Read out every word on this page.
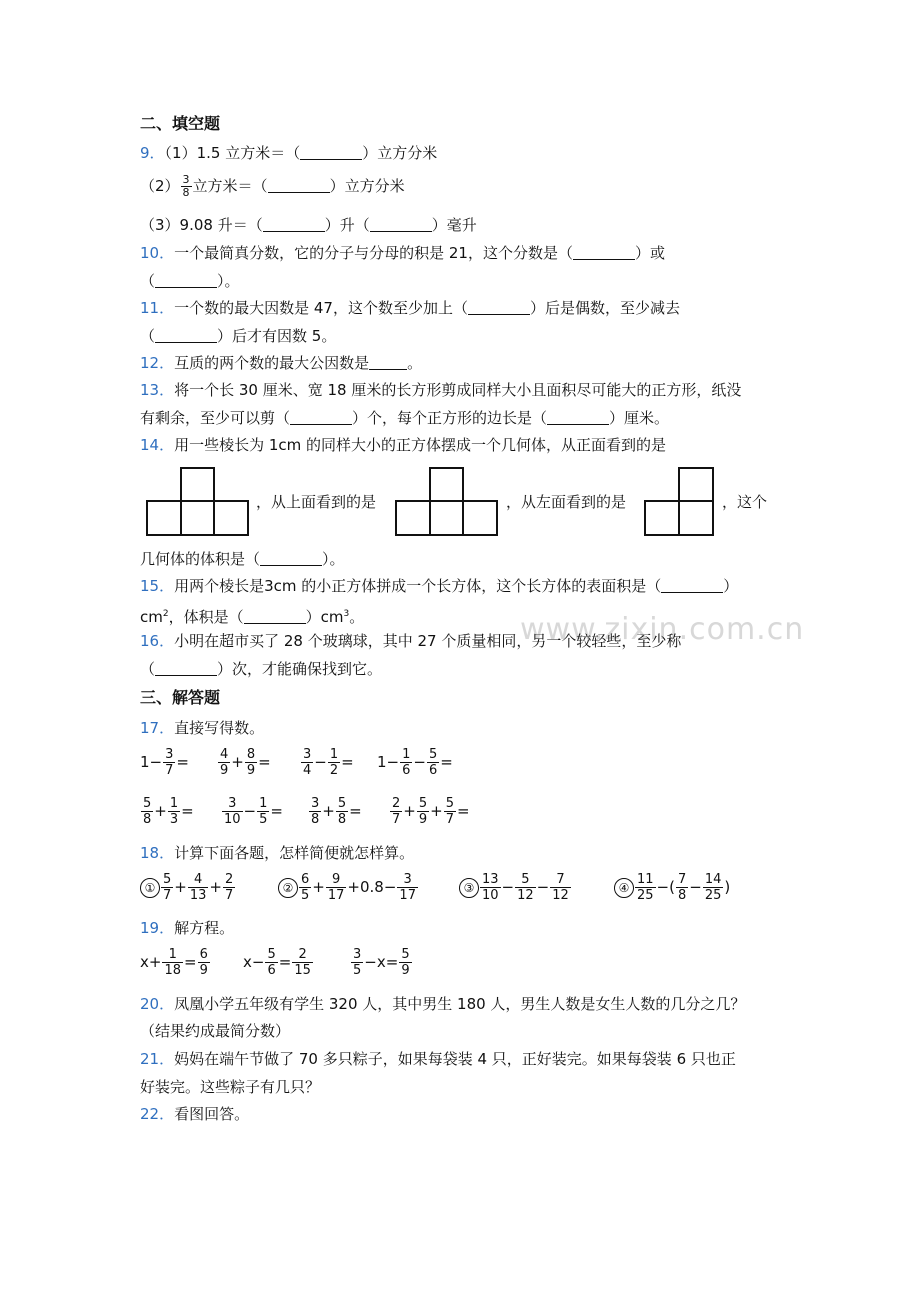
二、填空题
9．（1）1.5 立方米＝（	）立方分米
$(2) \frac{3}{8}$ 立方米＝（	）立方分米
（3）9.08 升＝（	）升（	）毫升
10．一个最简真分数，它的分子与分母的积是 21，这个分数是（	）或
（	）。
11．一个数的最大因数是 47，这个数至少加上（	）后是偶数，至少减去
（	）后才有因数 5。
12．互质的两个数的最大公因数是	。
13．将一个长 30 厘米、宽 18 厘米的长方形剪成同样大小且面积尽可能大的正方形，纸没
有剩余，至少可以剪（	）个，每个正方形的边长是（	）厘米。
14．用一些棱长为 1cm 的同样大小的正方体摆成一个几何体，从正面看到的是
，从上面看到的是	，从左面看到的是	，这个
几何体的体积是（	）。
15．用两个棱长是3cm 的小正方体拼成一个长方体，这个长方体的表面积是（	）
$cm^2$，体积是（	）$cm^3$。	www.zixin.com.cn
16．小明在超市买了 28 个玻璃球，其中 27 个质量相同，另一个较轻些，至少称
（	）次，才能确保找到它。
三、解答题
17．直接写得数。
$1- \frac{3}{7} = \frac{4}{9} + \frac{8}{9} = \frac{3}{4} - \frac{1}{2} = 1- \frac{1}{6} - \frac{5}{6}$ =
$\frac{5}{8} + \frac{1}{3} = \frac{3}{10} - \frac{1}{5} = \frac{3}{8} + \frac{5}{8} = \frac{2}{7} + \frac{5}{9} + \frac{5}{7}$ =
18．计算下面各题，怎样简便就怎样算。
① $\frac{5}{7} + \frac{4}{13} + \frac{2}{7}$	② $\frac{6}{5} + \frac{9}{17} +0.8- \frac{3}{17}$	③ $\frac{13}{10} - \frac{5}{12} - \frac{7}{12}$	④ $\frac{11}{25}$ −( $\frac{7}{8} - \frac{14}{25}$ )
19．解方程。
$x+ \frac{1}{18} = \frac{6}{9} x- \frac{5}{6} = \frac{2}{15}$	$\frac{3}{5} -x= \frac{5}{9}$
20．凤凰小学五年级有学生 320 人，其中男生 180 人，男生人数是女生人数的几分之几？
（结果约成最简分数）
21．妈妈在端午节做了 70 多只粽子，如果每袋装 4 只，正好装完。如果每袋装 6 只也正
好装完。这些粽子有几只？
22．看图回答。
